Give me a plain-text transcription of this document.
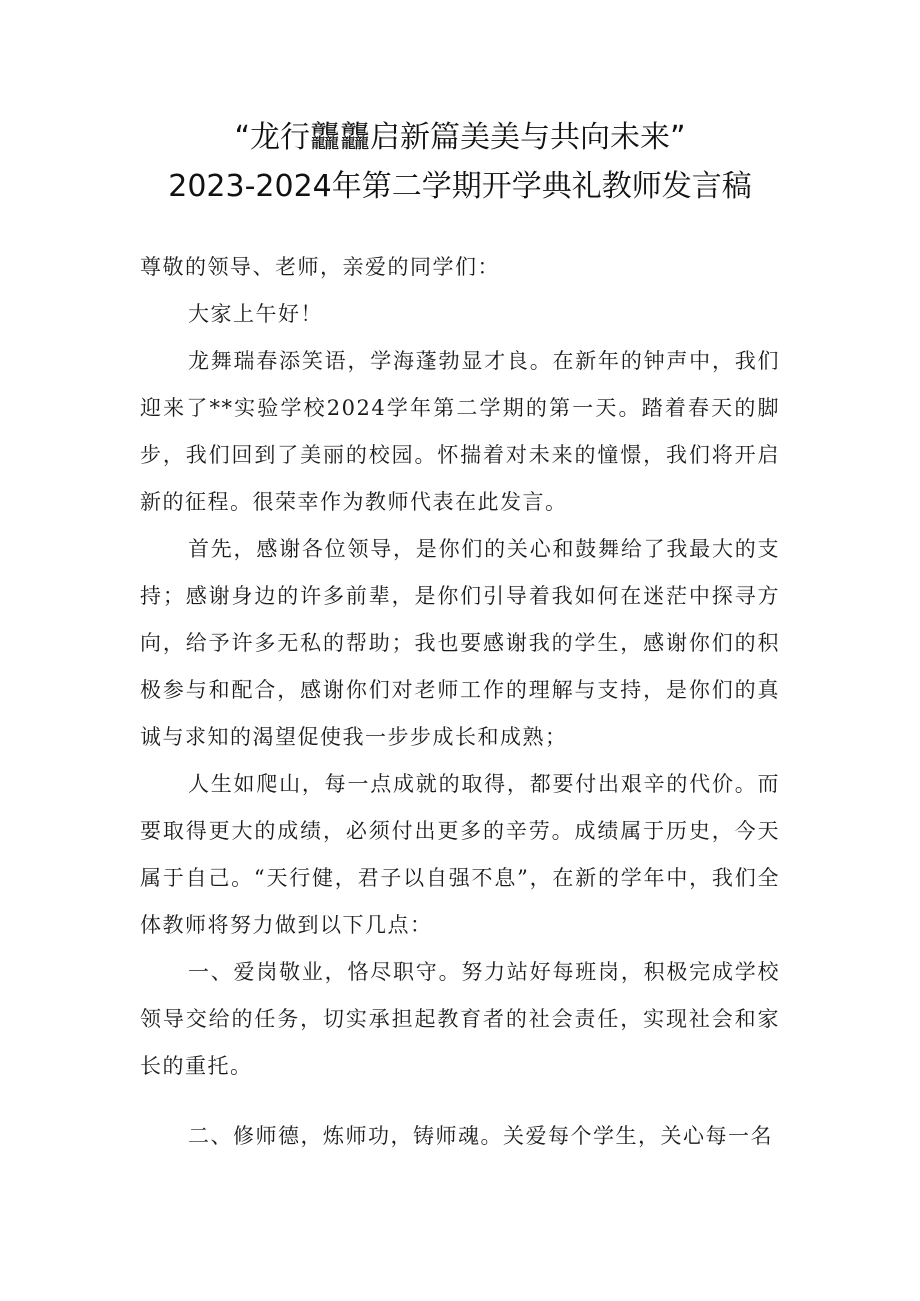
“龙行龘龘启新篇美美与共向未来”
2023-2024年第二学期开学典礼教师发言稿

尊敬的领导、老师，亲爱的同学们：

大家上午好！

龙舞瑞春添笑语，学海蓬勃显才良。在新年的钟声中，我们迎来了**实验学校2024学年第二学期的第一天。踏着春天的脚步，我们回到了美丽的校园。怀揣着对未来的憧憬，我们将开启新的征程。很荣幸作为教师代表在此发言。

首先，感谢各位领导，是你们的关心和鼓舞给了我最大的支持；感谢身边的许多前辈，是你们引导着我如何在迷茫中探寻方向，给予许多无私的帮助；我也要感谢我的学生，感谢你们的积极参与和配合，感谢你们对老师工作的理解与支持，是你们的真诚与求知的渴望促使我一步步成长和成熟；

人生如爬山，每一点成就的取得，都要付出艰辛的代价。而要取得更大的成绩，必须付出更多的辛劳。成绩属于历史，今天属于自己。“天行健，君子以自强不息”，在新的学年中，我们全体教师将努力做到以下几点：

一、爱岗敬业，恪尽职守。努力站好每班岗，积极完成学校领导交给的任务，切实承担起教育者的社会责任，实现社会和家长的重托。

二、修师德，炼师功，铸师魂。关爱每个学生，关心每一名
